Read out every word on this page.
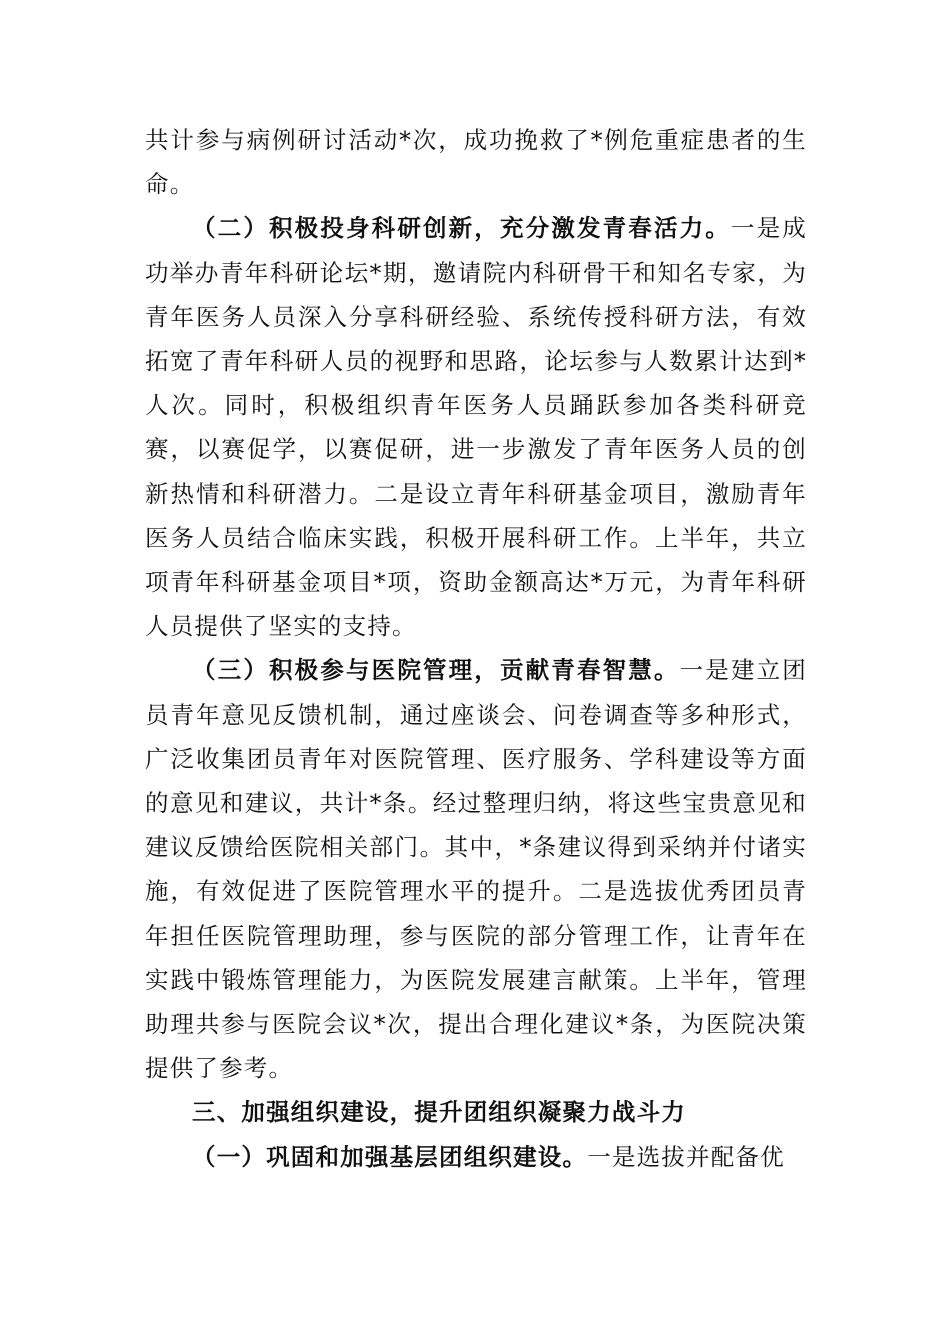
共计参与病例研讨活动*次，成功挽救了*例危重症患者的生命。

（二）积极投身科研创新，充分激发青春活力。一是成功举办青年科研论坛*期，邀请院内科研骨干和知名专家，为青年医务人员深入分享科研经验、系统传授科研方法，有效拓宽了青年科研人员的视野和思路，论坛参与人数累计达到*人次。同时，积极组织青年医务人员踊跃参加各类科研竞赛，以赛促学，以赛促研，进一步激发了青年医务人员的创新热情和科研潜力。二是设立青年科研基金项目，激励青年医务人员结合临床实践，积极开展科研工作。上半年，共立项青年科研基金项目*项，资助金额高达*万元，为青年科研人员提供了坚实的支持。

（三）积极参与医院管理，贡献青春智慧。一是建立团员青年意见反馈机制，通过座谈会、问卷调查等多种形式，广泛收集团员青年对医院管理、医疗服务、学科建设等方面的意见和建议，共计*条。经过整理归纳，将这些宝贵意见和建议反馈给医院相关部门。其中，*条建议得到采纳并付诸实施，有效促进了医院管理水平的提升。二是选拔优秀团员青年担任医院管理助理，参与医院的部分管理工作，让青年在实践中锻炼管理能力，为医院发展建言献策。上半年，管理助理共参与医院会议*次，提出合理化建议*条，为医院决策提供了参考。

三、加强组织建设，提升团组织凝聚力战斗力

（一）巩固和加强基层团组织建设。一是选拔并配备优
